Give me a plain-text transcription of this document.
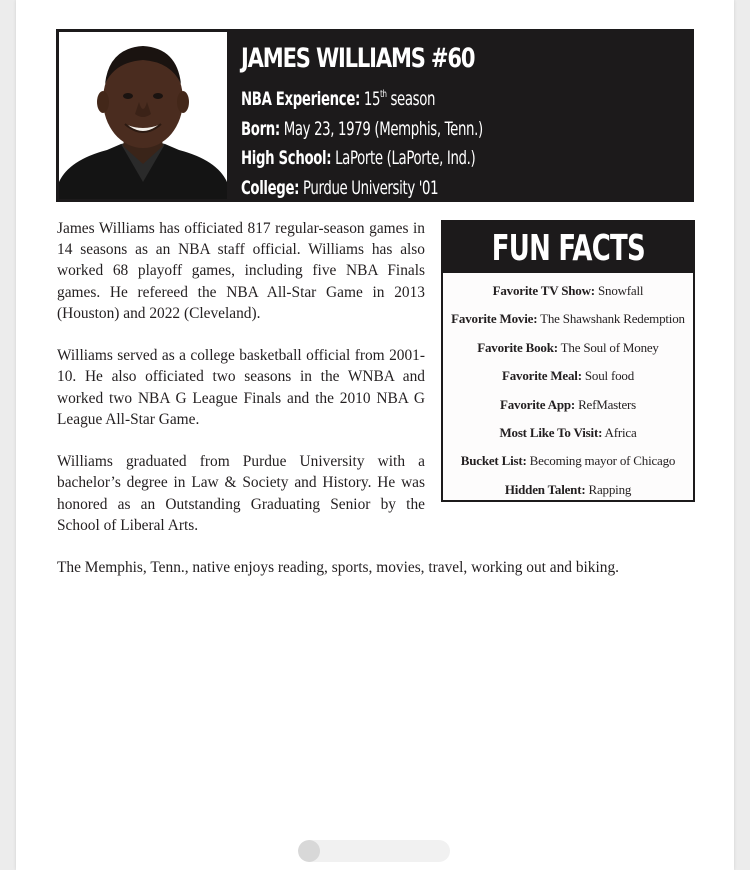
JAMES WILLIAMS #60
NBA Experience: 15th season
Born: May 23, 1979 (Memphis, Tenn.)
High School: LaPorte (LaPorte, Ind.)
College: Purdue University '01

James Williams has officiated 817 regular-season games in 14 seasons as an NBA staff official. Williams has also worked 68 playoff games, including five NBA Finals games. He refereed the NBA All-Star Game in 2013 (Houston) and 2022 (Cleveland).

Williams served as a college basketball official from 2001-10. He also officiated two seasons in the WNBA and worked two NBA G League Finals and the 2010 NBA G League All-Star Game.

Williams graduated from Purdue University with a bachelor’s degree in Law & Society and History. He was honored as an Outstanding Graduating Senior by the School of Liberal Arts.

The Memphis, Tenn., native enjoys reading, sports, movies, travel, working out and biking.
FUN FACTS
Favorite TV Show: Snowfall
Favorite Movie: The Shawshank Redemption
Favorite Book: The Soul of Money
Favorite Meal: Soul food
Favorite App: RefMasters
Most Like To Visit: Africa
Bucket List: Becoming mayor of Chicago
Hidden Talent: Rapping
